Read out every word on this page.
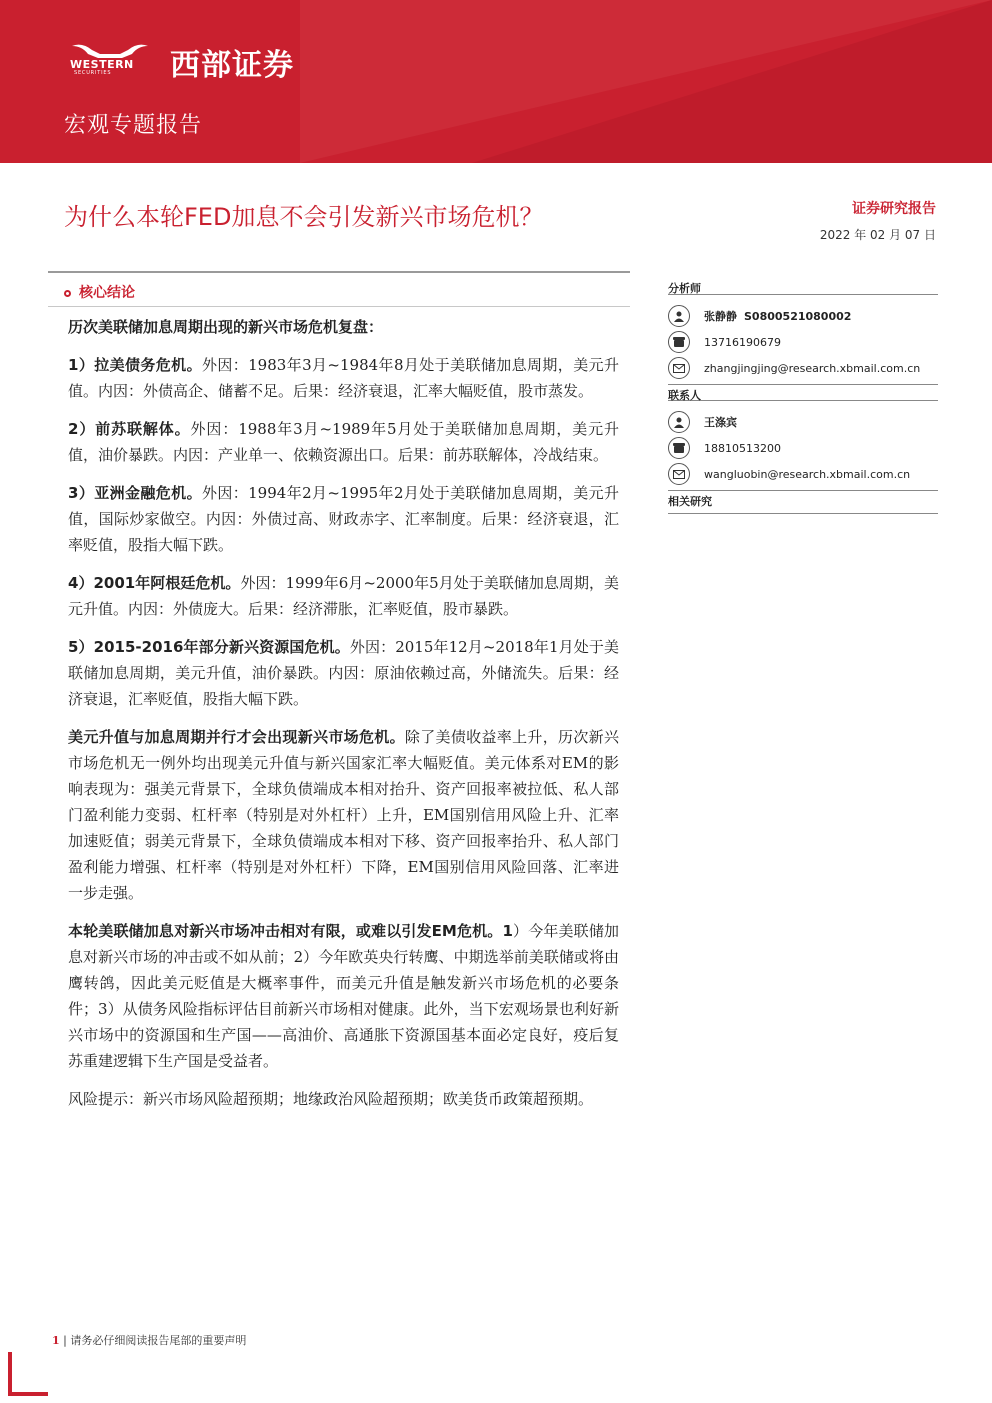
WESTERN
SECURITIES 西部证券
宏观专题报告
为什么本轮FED加息不会引发新兴市场危机？	证券研究报告
2022 年 02 月 07 日
核心结论

历次美联储加息周期出现的新兴市场危机复盘：

1）拉美债务危机。外因：1983年3月~1984年8月处于美联储加息周期，美元升值。内因：外债高企、储蓄不足。后果：经济衰退，汇率大幅贬值，股市蒸发。

2）前苏联解体。外因：1988年3月~1989年5月处于美联储加息周期，美元升值，油价暴跌。内因：产业单一、依赖资源出口。后果：前苏联解体，冷战结束。

3）亚洲金融危机。外因：1994年2月~1995年2月处于美联储加息周期，美元升值，国际炒家做空。内因：外债过高、财政赤字、汇率制度。后果：经济衰退，汇率贬值，股指大幅下跌。

4）2001年阿根廷危机。外因：1999年6月~2000年5月处于美联储加息周期，美元升值。内因：外债庞大。后果：经济滞胀，汇率贬值，股市暴跌。

5）2015-2016年部分新兴资源国危机。外因：2015年12月~2018年1月处于美联储加息周期，美元升值，油价暴跌。内因：原油依赖过高，外储流失。后果：经济衰退，汇率贬值，股指大幅下跌。

美元升值与加息周期并行才会出现新兴市场危机。除了美债收益率上升，历次新兴市场危机无一例外均出现美元升值与新兴国家汇率大幅贬值。美元体系对EM的影响表现为：强美元背景下，全球负债端成本相对抬升、资产回报率被拉低、私人部门盈利能力变弱、杠杆率（特别是对外杠杆）上升，EM国别信用风险上升、汇率加速贬值；弱美元背景下，全球负债端成本相对下移、资产回报率抬升、私人部门盈利能力增强、杠杆率（特别是对外杠杆）下降，EM国别信用风险回落、汇率进一步走强。

本轮美联储加息对新兴市场冲击相对有限，或难以引发EM危机。1）今年美联储加息对新兴市场的冲击或不如从前；2）今年欧英央行转鹰、中期选举前美联储或将由鹰转鸽，因此美元贬值是大概率事件，而美元升值是触发新兴市场危机的必要条件；3）从债务风险指标评估目前新兴市场相对健康。此外，当下宏观场景也利好新兴市场中的资源国和生产国——高油价、高通胀下资源国基本面必定良好，疫后复苏重建逻辑下生产国是受益者。

风险提示：新兴市场风险超预期；地缘政治风险超预期；欧美货币政策超预期。

分析师
张静静
S0800521080002
13716190679
zhangjingjing@research.xbmail.com.cn
联系人
王涤宾
18810513200
wangluobin@research.xbmail.com.cn
相关研究
1 | 请务必仔细阅读报告尾部的重要声明
